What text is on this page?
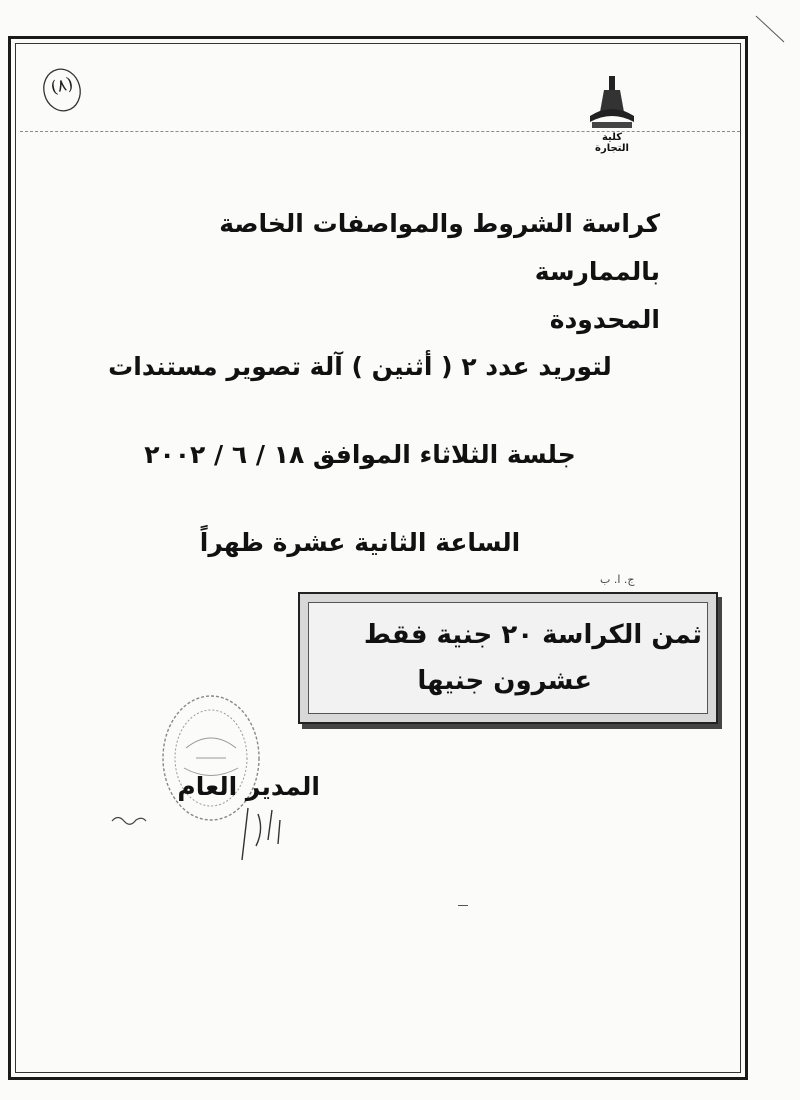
(٨)
كلية التجارة
كراسة الشروط والمواصفات الخاصة بالممارسة
المحدودة
لتوريد عدد ٢ ( أثنين ) آلة تصوير مستندات
جلسة الثلاثاء الموافق ١٨ / ٦ / ٢٠٠٢
الساعة الثانية عشرة ظهراً
ج. ا. ب
ثمن الكراسة ٢٠ جنية فقط
عشرون جنيها
المدير العام
